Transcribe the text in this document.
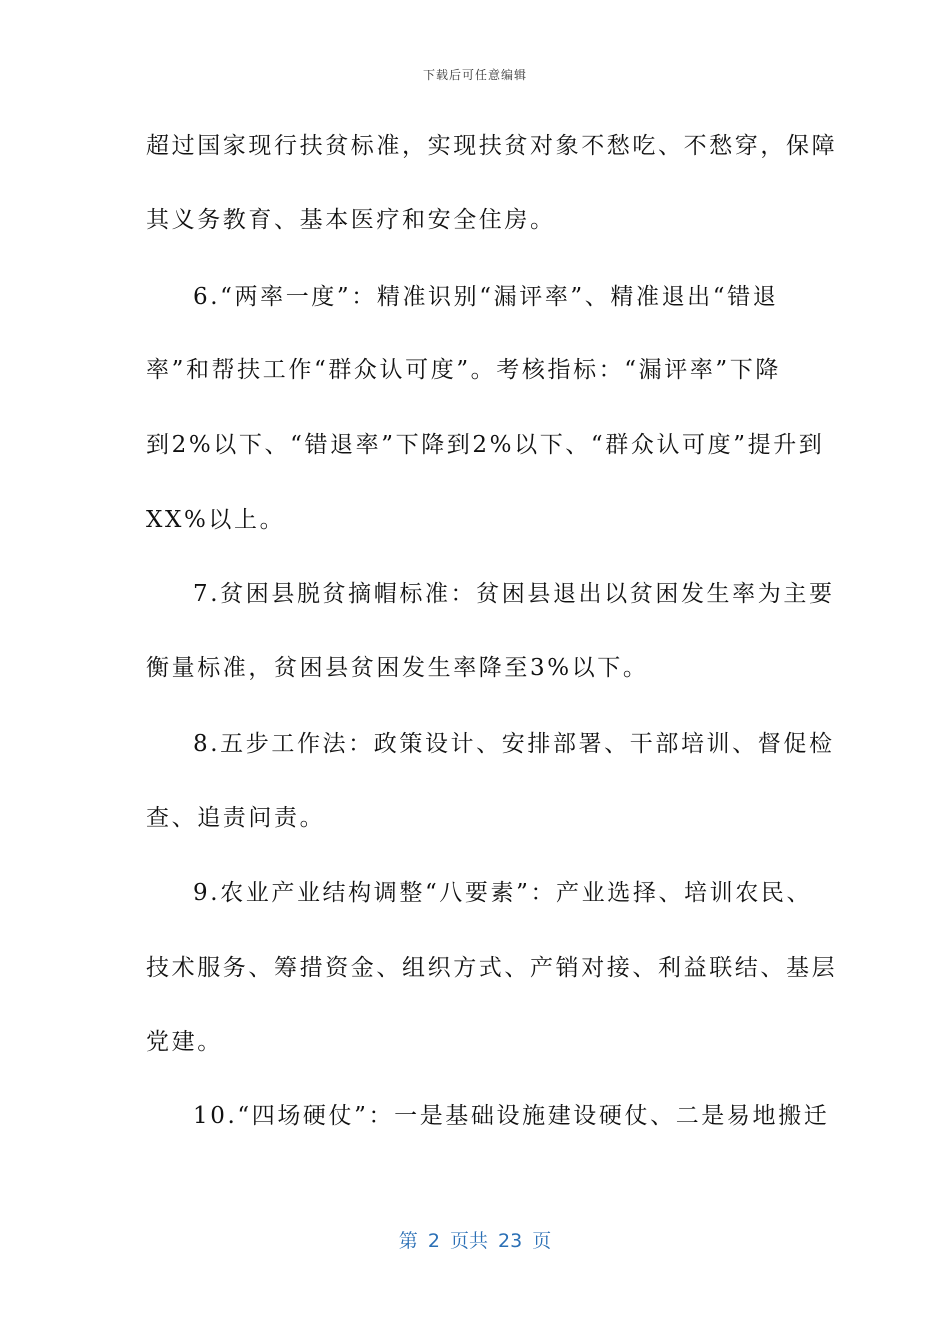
下载后可任意编辑
超过国家现行扶贫标准，实现扶贫对象不愁吃、不愁穿，保障
其义务教育、基本医疗和安全住房。
6.“两率一度”：精准识别“漏评率”、精准退出“错退
率”和帮扶工作“群众认可度”。考核指标：“漏评率”下降
到2%以下、“错退率”下降到2%以下、“群众认可度”提升到
XX%以上。
7.贫困县脱贫摘帽标准：贫困县退出以贫困发生率为主要
衡量标准，贫困县贫困发生率降至3%以下。
8.五步工作法：政策设计、安排部署、干部培训、督促检
查、追责问责。
9.农业产业结构调整“八要素”：产业选择、培训农民、
技术服务、筹措资金、组织方式、产销对接、利益联结、基层
党建。
10.“四场硬仗”：一是基础设施建设硬仗、二是易地搬迁
第 2 页共 23 页
